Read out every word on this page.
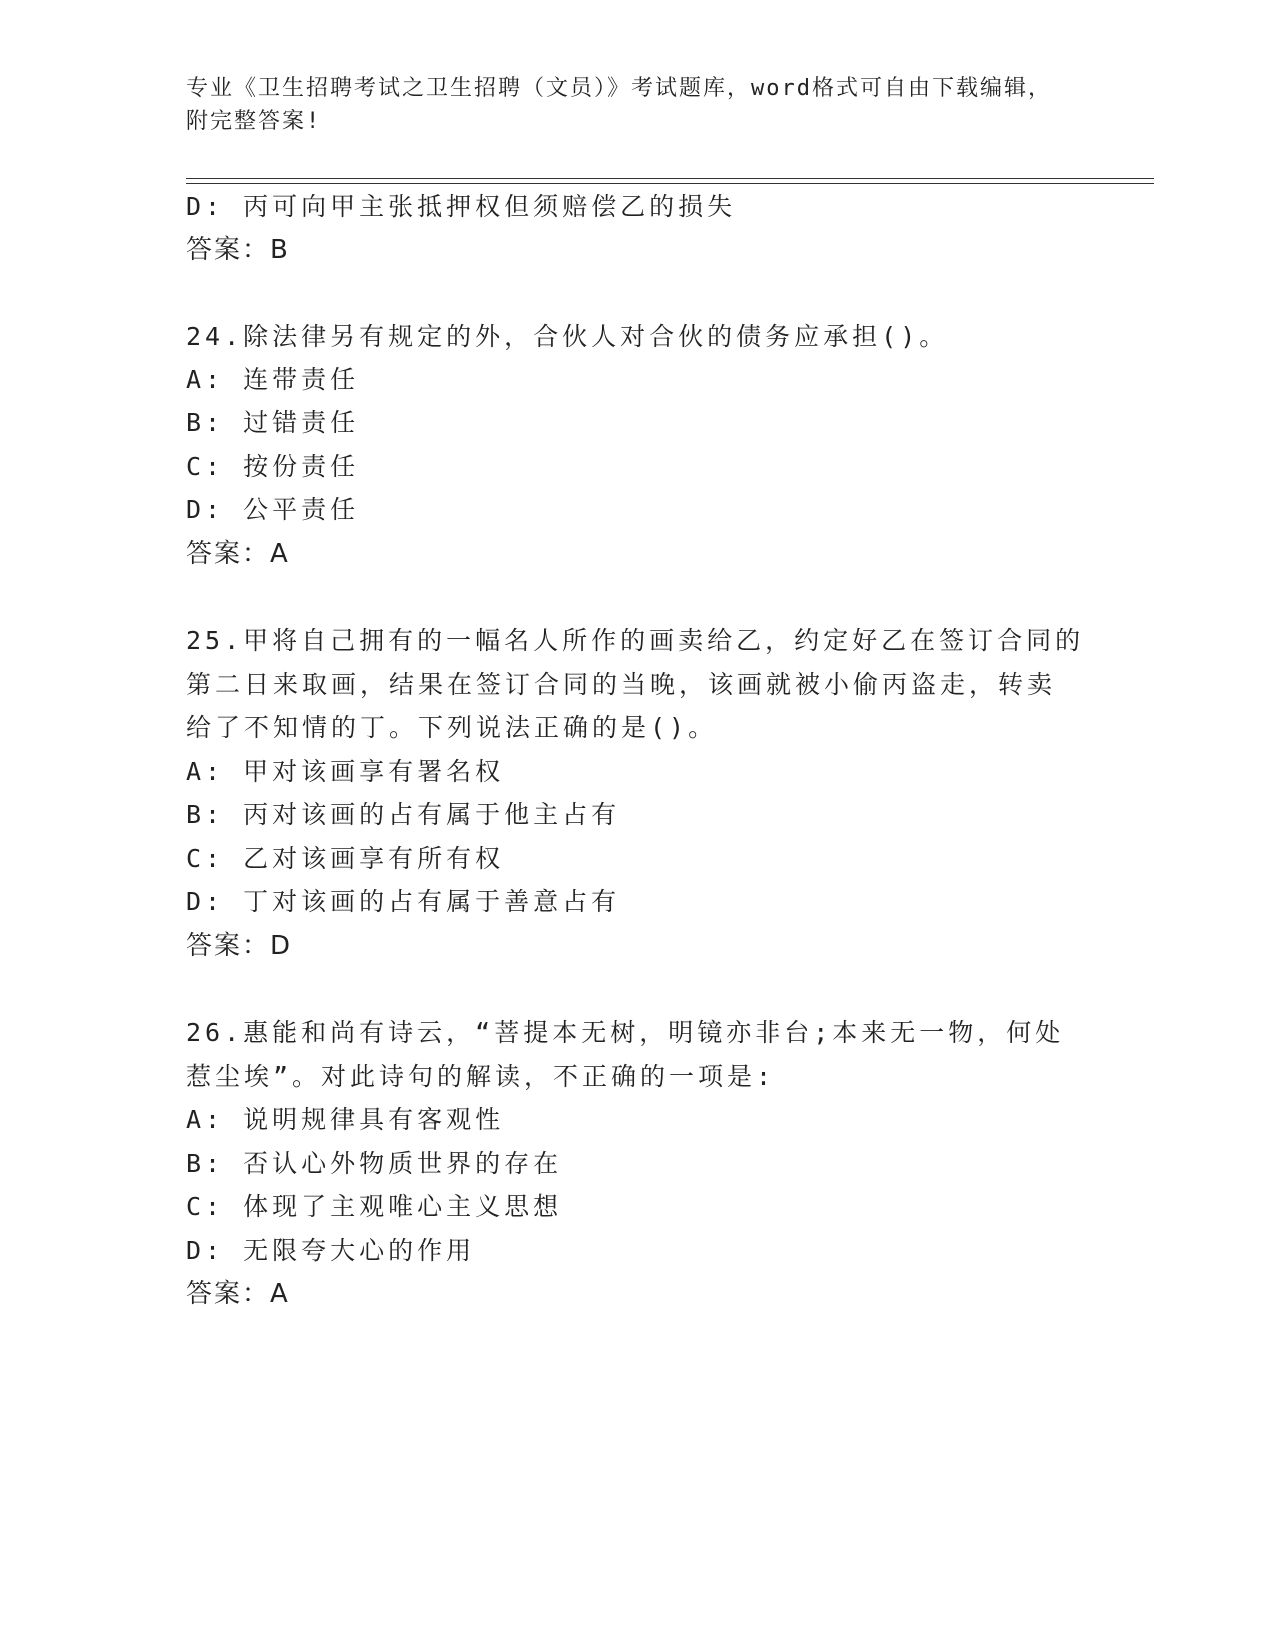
专业《卫生招聘考试之卫生招聘（文员）》考试题库，word格式可自由下载编辑，附完整答案!
D: 丙可向甲主张抵押权但须赔偿乙的损失
答案：B
24.除法律另有规定的外，合伙人对合伙的债务应承担()。
A: 连带责任
B: 过错责任
C: 按份责任
D: 公平责任
答案：A
25.甲将自己拥有的一幅名人所作的画卖给乙，约定好乙在签订合同的
第二日来取画，结果在签订合同的当晚，该画就被小偷丙盗走，转卖
给了不知情的丁。下列说法正确的是()。
A: 甲对该画享有署名权
B: 丙对该画的占有属于他主占有
C: 乙对该画享有所有权
D: 丁对该画的占有属于善意占有
答案：D
26.惠能和尚有诗云，“菩提本无树，明镜亦非台;本来无一物，何处
惹尘埃”。对此诗句的解读，不正确的一项是:
A: 说明规律具有客观性
B: 否认心外物质世界的存在
C: 体现了主观唯心主义思想
D: 无限夸大心的作用
答案：A
